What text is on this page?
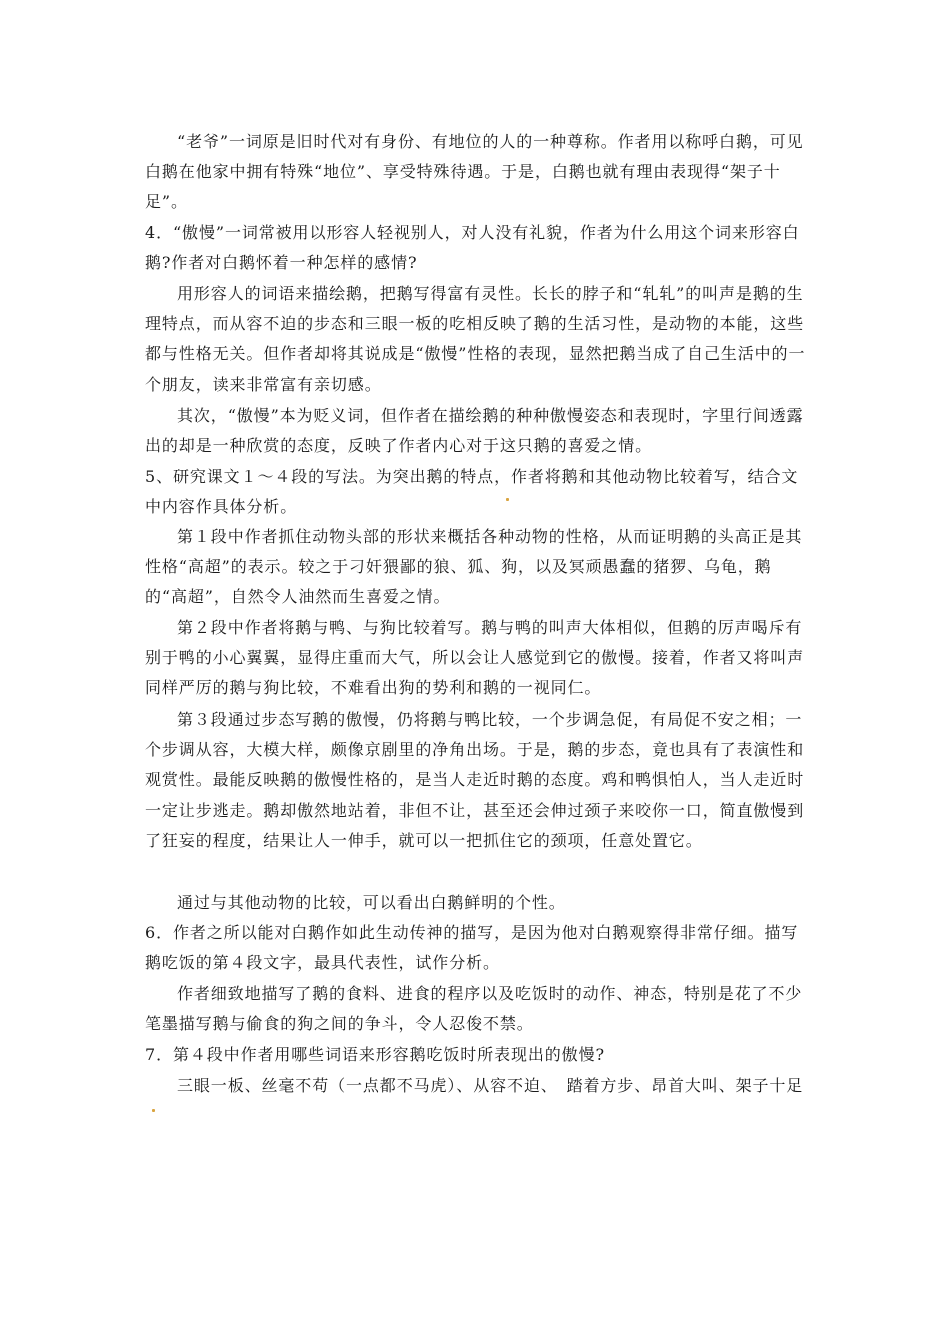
“老爷”一词原是旧时代对有身份、有地位的人的一种尊称。作者用以称呼白鹅，可见白鹅在他家中拥有特殊“地位”、享受特殊待遇。于是，白鹅也就有理由表现得“架子十足”。

4．“傲慢”一词常被用以形容人轻视别人，对人没有礼貌，作者为什么用这个词来形容白鹅?作者对白鹅怀着一种怎样的感情?

用形容人的词语来描绘鹅，把鹅写得富有灵性。长长的脖子和“轧轧”的叫声是鹅的生理特点，而从容不迫的步态和三眼一板的吃相反映了鹅的生活习性，是动物的本能，这些都与性格无关。但作者却将其说成是“傲慢”性格的表现，显然把鹅当成了自己生活中的一个朋友，读来非常富有亲切感。

其次，“傲慢”本为贬义词，但作者在描绘鹅的种种傲慢姿态和表现时，字里行间透露出的却是一种欣赏的态度，反映了作者内心对于这只鹅的喜爱之情。

5、研究课文１～４段的写法。为突出鹅的特点，作者将鹅和其他动物比较着写，结合文中内容作具体分析。

第１段中作者抓住动物头部的形状来概括各种动物的性格，从而证明鹅的头高正是其性格“高超”的表示。较之于刁奸猥鄙的狼、狐、狗，以及冥顽愚蠢的猪猡、乌龟，鹅的“高超”，自然令人油然而生喜爱之情。

第２段中作者将鹅与鸭、与狗比较着写。鹅与鸭的叫声大体相似，但鹅的厉声喝斥有别于鸭的小心翼翼，显得庄重而大气，所以会让人感觉到它的傲慢。接着，作者又将叫声同样严厉的鹅与狗比较，不难看出狗的势利和鹅的一视同仁。

第３段通过步态写鹅的傲慢，仍将鹅与鸭比较，一个步调急促，有局促不安之相；一个步调从容，大模大样，颇像京剧里的净角出场。于是，鹅的步态，竟也具有了表演性和观赏性。最能反映鹅的傲慢性格的，是当人走近时鹅的态度。鸡和鸭惧怕人，当人走近时一定让步逃走。鹅却傲然地站着，非但不让，甚至还会伸过颈子来咬你一口，简直傲慢到了狂妄的程度，结果让人一伸手，就可以一把抓住它的颈项，任意处置它。

通过与其他动物的比较，可以看出白鹅鲜明的个性。

6．作者之所以能对白鹅作如此生动传神的描写，是因为他对白鹅观察得非常仔细。描写鹅吃饭的第４段文字，最具代表性，试作分析。

作者细致地描写了鹅的食料、进食的程序以及吃饭时的动作、神态，特别是花了不少笔墨描写鹅与偷食的狗之间的争斗，令人忍俊不禁。

7．第４段中作者用哪些词语来形容鹅吃饭时所表现出的傲慢?

三眼一板、丝毫不苟（一点都不马虎）、从容不迫、　踏着方步、昂首大叫、架子十足
